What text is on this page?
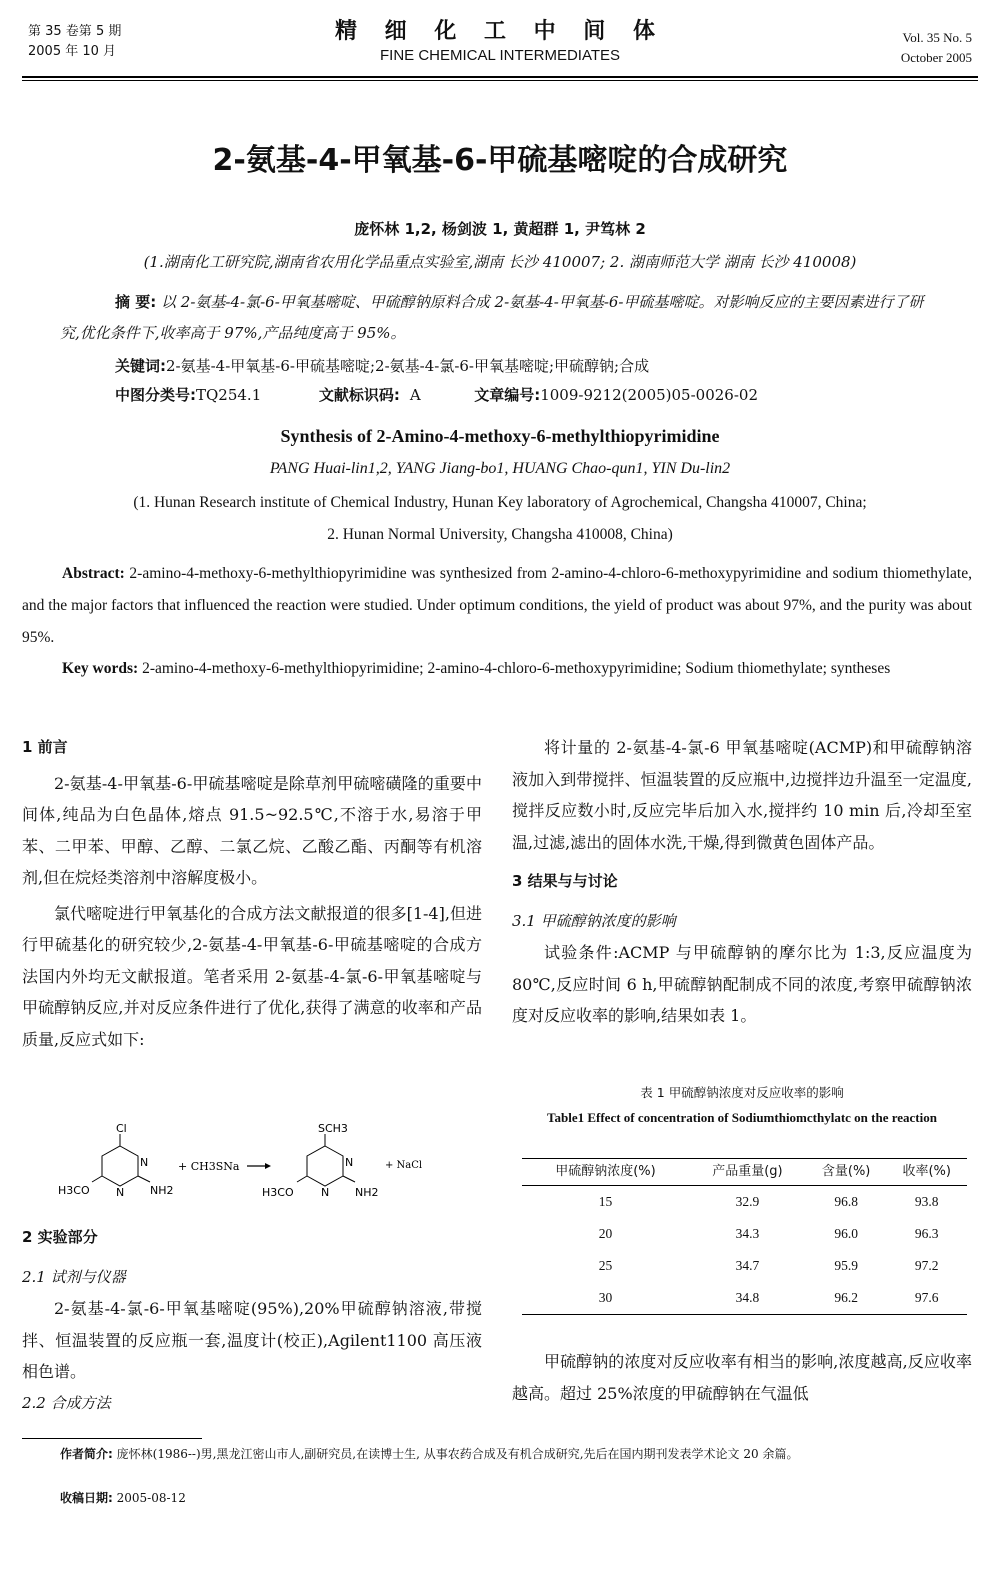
第 35 卷第 5 期
2005 年 10 月
精 细 化 工 中 间 体
FINE CHEMICAL INTERMEDIATES
Vol. 35 No. 5
October 2005
2-氨基-4-甲氧基-6-甲硫基嘧啶的合成研究
庞怀林 1,2, 杨剑波 1, 黄超群 1, 尹笃林 2
(1.湖南化工研究院,湖南省农用化学品重点实验室,湖南 长沙 410007; 2. 湖南师范大学 湖南 长沙 410008)
摘 要: 以 2-氨基-4-氯-6-甲氧基嘧啶、甲硫醇钠原料合成 2-氨基-4-甲氧基-6-甲硫基嘧啶。对影响反应的主要因素进行了研究,优化条件下,收率高于 97%,产品纯度高于 95%。
关键词:2-氨基-4-甲氧基-6-甲硫基嘧啶;2-氨基-4-氯-6-甲氧基嘧啶;甲硫醇钠;合成
中图分类号:TQ254.1	文献标识码: A	文章编号:1009-9212(2005)05-0026-02
Synthesis of 2-Amino-4-methoxy-6-methylthiopyrimidine
PANG Huai-lin1,2, YANG Jiang-bo1, HUANG Chao-qun1, YIN Du-lin2
(1. Hunan Research institute of Chemical Industry, Hunan Key laboratory of Agrochemical, Changsha 410007, China;
2. Hunan Normal University, Changsha 410008, China)
Abstract: 2-amino-4-methoxy-6-methylthiopyrimidine was synthesized from 2-amino-4-chloro-6-methoxypyrimidine and sodium thiomethylate, and the major factors that influenced the reaction were studied. Under optimum conditions, the yield of product was about 97%, and the purity was about 95%.
Key words: 2-amino-4-methoxy-6-methylthiopyrimidine; 2-amino-4-chloro-6-methoxypyrimidine; Sodium thiomethylate; syntheses
1 前言
2-氨基-4-甲氧基-6-甲硫基嘧啶是除草剂甲硫嘧磺隆的重要中间体,纯品为白色晶体,熔点 91.5~92.5℃,不溶于水,易溶于甲苯、二甲苯、甲醇、乙醇、二氯乙烷、乙酸乙酯、丙酮等有机溶剂,但在烷烃类溶剂中溶解度极小。
氯代嘧啶进行甲氧基化的合成方法文献报道的很多[1-4],但进行甲硫基化的研究较少,2-氨基-4-甲氧基-6-甲硫基嘧啶的合成方法国内外均无文献报道。笔者采用 2-氨基-4-氯-6-甲氧基嘧啶与甲硫醇钠反应,并对反应条件进行了优化,获得了满意的收率和产品质量,反应式如下:
Cl
N
N
H3CO	NH2
+ CH3SNa
SCH3
N
N
H3CO	NH2
+ NaCl
2 实验部分
2.1 试剂与仪器
2-氨基-4-氯-6-甲氧基嘧啶(95%),20%甲硫醇钠溶液,带搅拌、恒温装置的反应瓶一套,温度计(校正),Agilent1100 高压液相色谱。
2.2 合成方法
将计量的 2-氨基-4-氯-6 甲氧基嘧啶(ACMP)和甲硫醇钠溶液加入到带搅拌、恒温装置的反应瓶中,边搅拌边升温至一定温度,搅拌反应数小时,反应完毕后加入水,搅拌约 10 min 后,冷却至室温,过滤,滤出的固体水洗,干燥,得到微黄色固体产品。
3 结果与与讨论
3.1 甲硫醇钠浓度的影响
试验条件:ACMP 与甲硫醇钠的摩尔比为 1:3,反应温度为 80℃,反应时间 6 h,甲硫醇钠配制成不同的浓度,考察甲硫醇钠浓度对反应收率的影响,结果如表 1。
表 1 甲硫醇钠浓度对反应收率的影响
Table1 Effect of concentration of Sodiumthiomcthylatc on the reaction
甲硫醇钠浓度(%)	产品重量(g)	含量(%)	收率(%)
15	32.9	96.8	93.8
20	34.3	96.0	96.3
25	34.7	95.9	97.2
30	34.8	96.2	97.6
甲硫醇钠的浓度对反应收率有相当的影响,浓度越高,反应收率越高。超过 25%浓度的甲硫醇钠在气温低
作者简介: 庞怀林(1986--)男,黑龙江密山市人,副研究员,在读博士生, 从事农药合成及有机合成研究,先后在国内期刊发表学术论文 20 余篇。
收稿日期: 2005-08-12
